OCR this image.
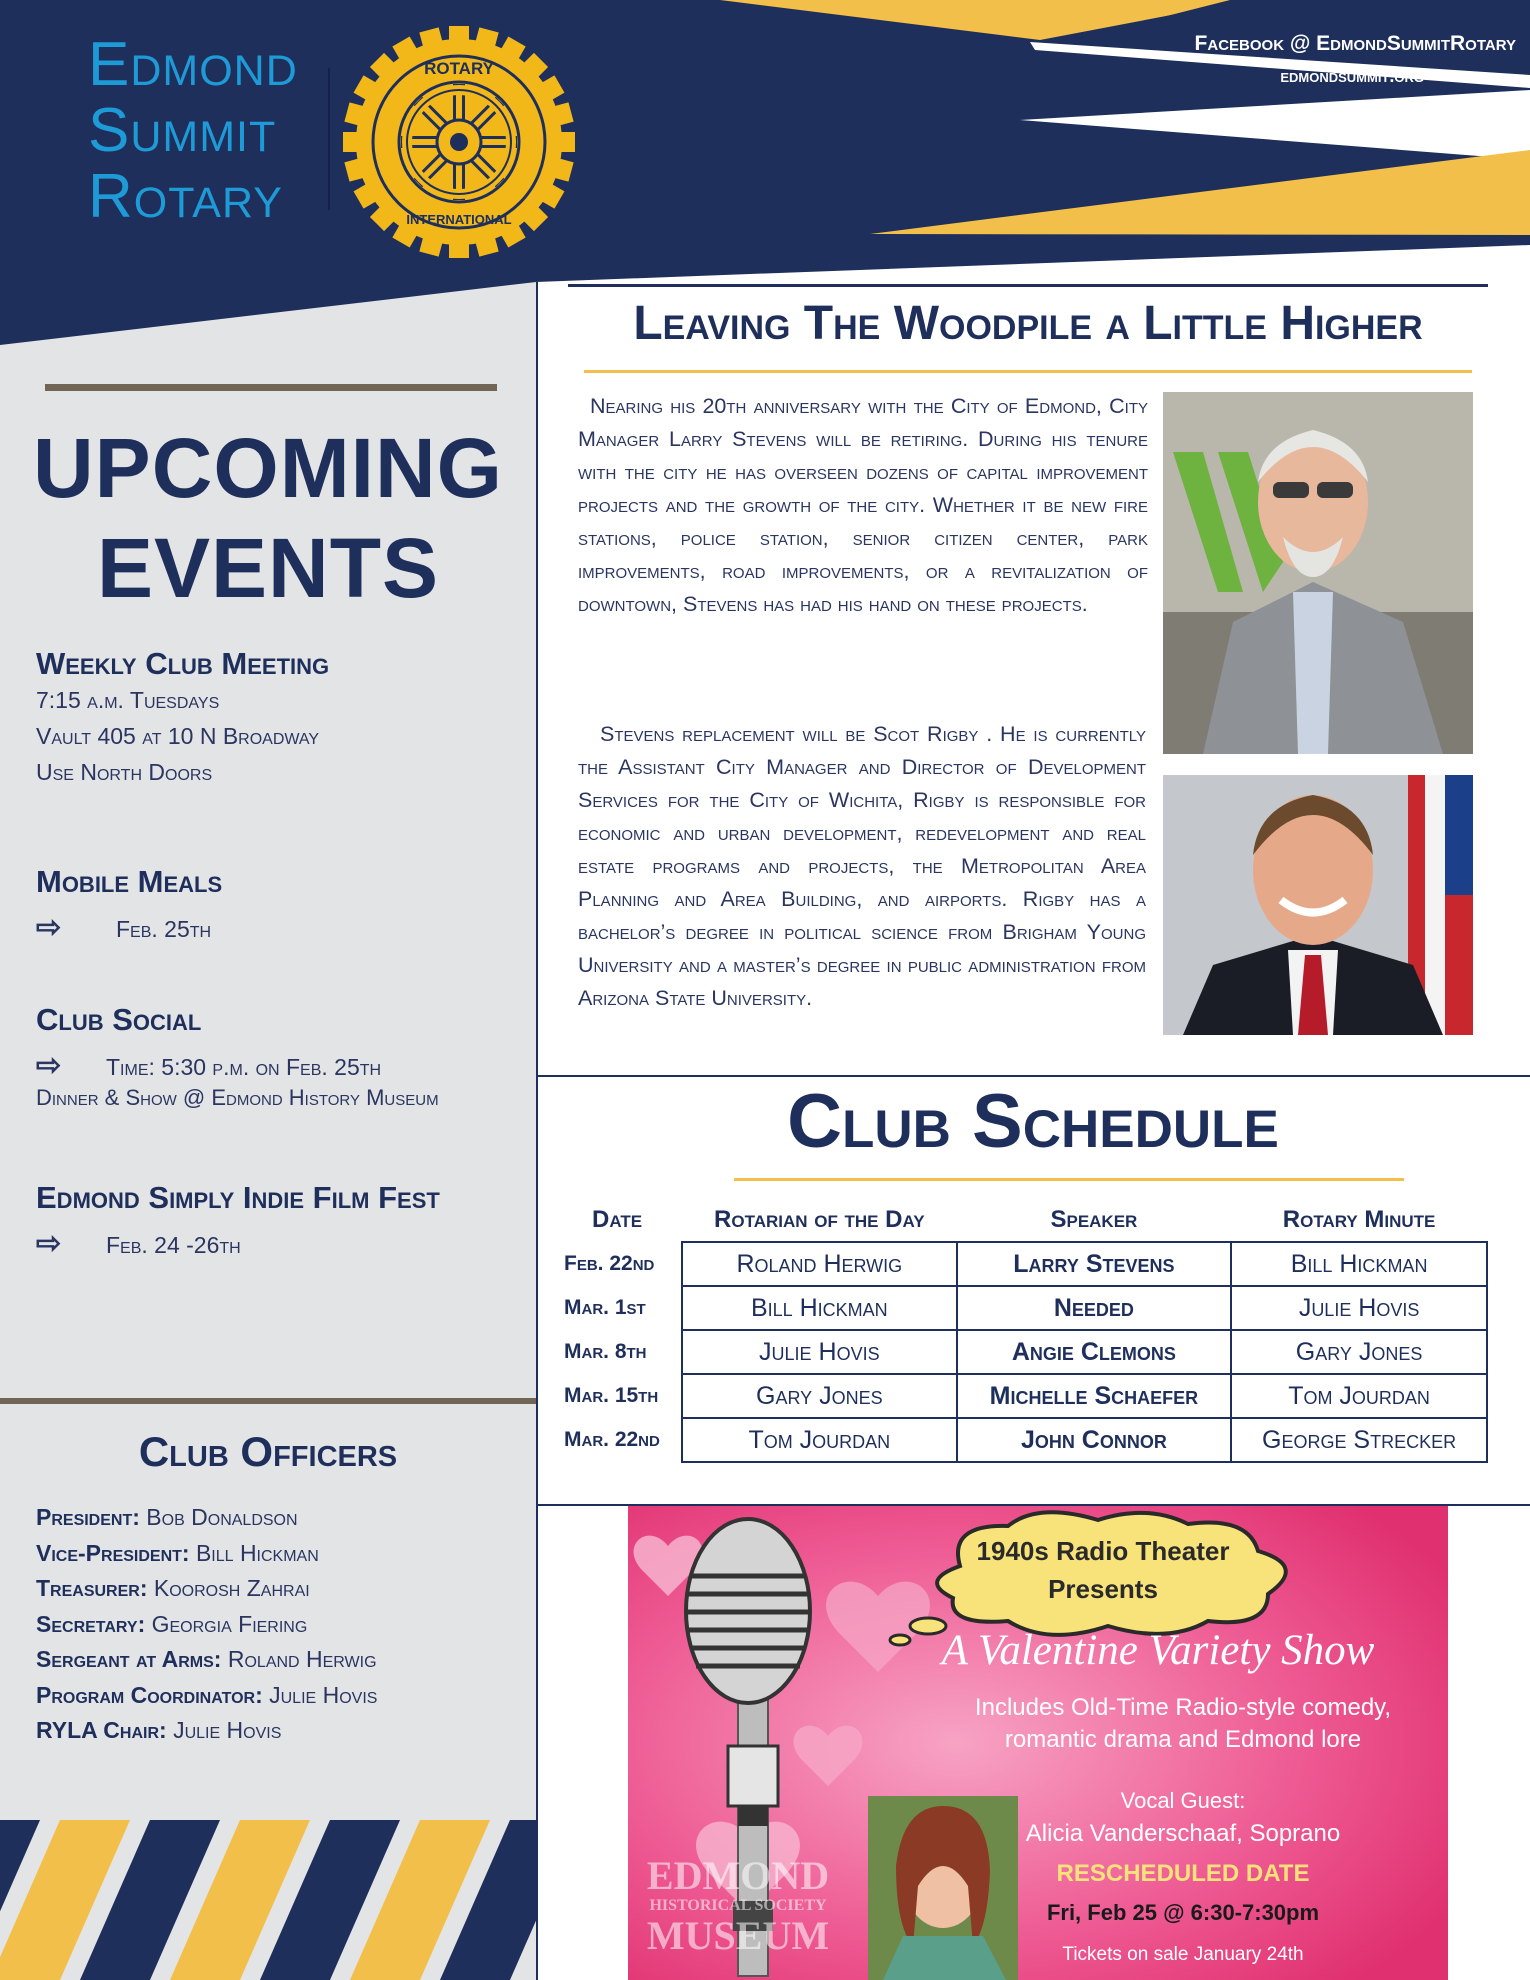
Edmond
Summit
Rotary
ROTARY
INTERNATIONAL
Facebook @ EdmondSummitRotary
edmondsummit.org
UPCOMING
EVENTS
Weekly Club Meeting

7:15 a.m. Tuesdays

Vault 405 at 10 N Broadway

Use North Doors

Mobile Meals

⇨ Feb. 25th

Club Social

⇨ Time: 5:30 p.m. on Feb. 25th

Dinner & Show @ Edmond History Museum

Edmond Simply Indie Film Fest

⇨ Feb. 24 -26th

Club Officers
President: Bob Donaldson
Vice-President: Bill Hickman
Treasurer: Koorosh Zahrai
Secretary: Georgia Fiering
Sergeant at Arms: Roland Herwig
Program Coordinator: Julie Hovis
RYLA Chair: Julie Hovis
Leaving The Woodpile a Little Higher
Nearing his 20th anniversary with the City of Edmond, City Manager Larry Stevens will be retiring. During his tenure with the city he has overseen dozens of capital improvement projects and the growth of the city. Whether it be new fire stations, police station, senior citizen center, park improvements, road improvements, or a revitalization of downtown, Stevens has had his hand on these projects.
Stevens replacement will be Scot Rigby . He is currently the Assistant City Manager and Director of Development Services for the City of Wichita, Rigby is responsible for economic and urban development, redevelopment and real estate programs and projects, the Metropolitan Area Planning and Area Building, and airports. Rigby has a bachelor’s degree in political science from Brigham Young University and a master’s degree in public administration from Arizona State University.
Club Schedule
Date	Rotarian of the Day	Speaker	Rotary Minute
Feb. 22nd	Roland Herwig	Larry Stevens	Bill Hickman
Mar. 1st	Bill Hickman	Needed	Julie Hovis
Mar. 8th	Julie Hovis	Angie Clemons	Gary Jones
Mar. 15th	Gary Jones	Michelle Schaefer	Tom Jourdan
Mar. 22nd	Tom Jourdan	John Connor	George Strecker
1940s Radio Theater
Presents
A Valentine Variety Show
Includes Old-Time Radio-style comedy,
romantic drama and Edmond lore
Vocal Guest:
Alicia Vanderschaaf, Soprano
RESCHEDULED DATE
Fri, Feb 25 @ 6:30-7:30pm
Tickets on sale January 24th
EDMOND
HISTORICAL SOCIETY
MUSEUM
